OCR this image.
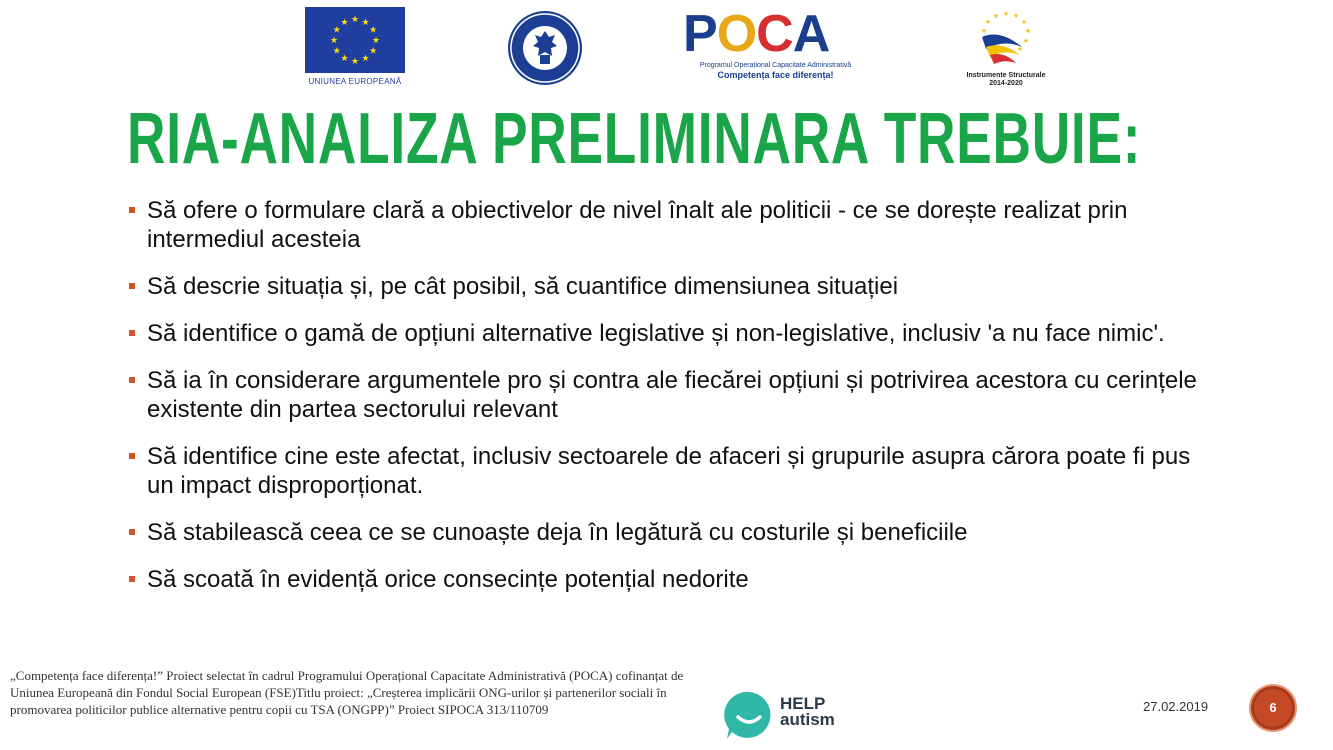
★ ★
★
★
★
★
★
★
★
★
★
★
UNIUNEA EUROPEANĂ
POCA
Programul Operațional Capacitate Administrativă
Competența face diferența!
★ ★
★
★
★
★
★
★
★
Instrumente Structurale
2014-2020
RIA-ANALIZA PRELIMINARA TREBUIE:
Să ofere o formulare clară a obiectivelor de nivel înalt ale politicii - ce se dorește realizat prin intermediul acesteia
Să descrie situația și, pe cât posibil, să cuantifice dimensiunea situației
Să identifice o gamă de opțiuni alternative legislative și non-legislative, inclusiv 'a nu face nimic'.
Să ia în considerare argumentele pro și contra ale fiecărei opțiuni și potrivirea acestora cu cerințele existente din partea sectorului relevant
Să identifice cine este afectat, inclusiv sectoarele de afaceri și grupurile asupra cărora poate fi pus un impact disproporționat.
Să stabilească ceea ce se cunoaște deja în legătură cu costurile și beneficiile
Să scoată în evidență orice consecințe potențial nedorite
„Competența face diferența!” Proiect selectat în cadrul Programului Operațional Capacitate Administrativă (POCA) cofinanțat de Uniunea Europeană din Fondul Social European (FSE)Titlu proiect: „Creșterea implicării ONG-urilor și partenerilor sociali în promovarea politicilor publice alternative pentru copii cu TSA (ONGPP)” Proiect SIPOCA 313/110709	HELP
autism
27.02.2019	6
